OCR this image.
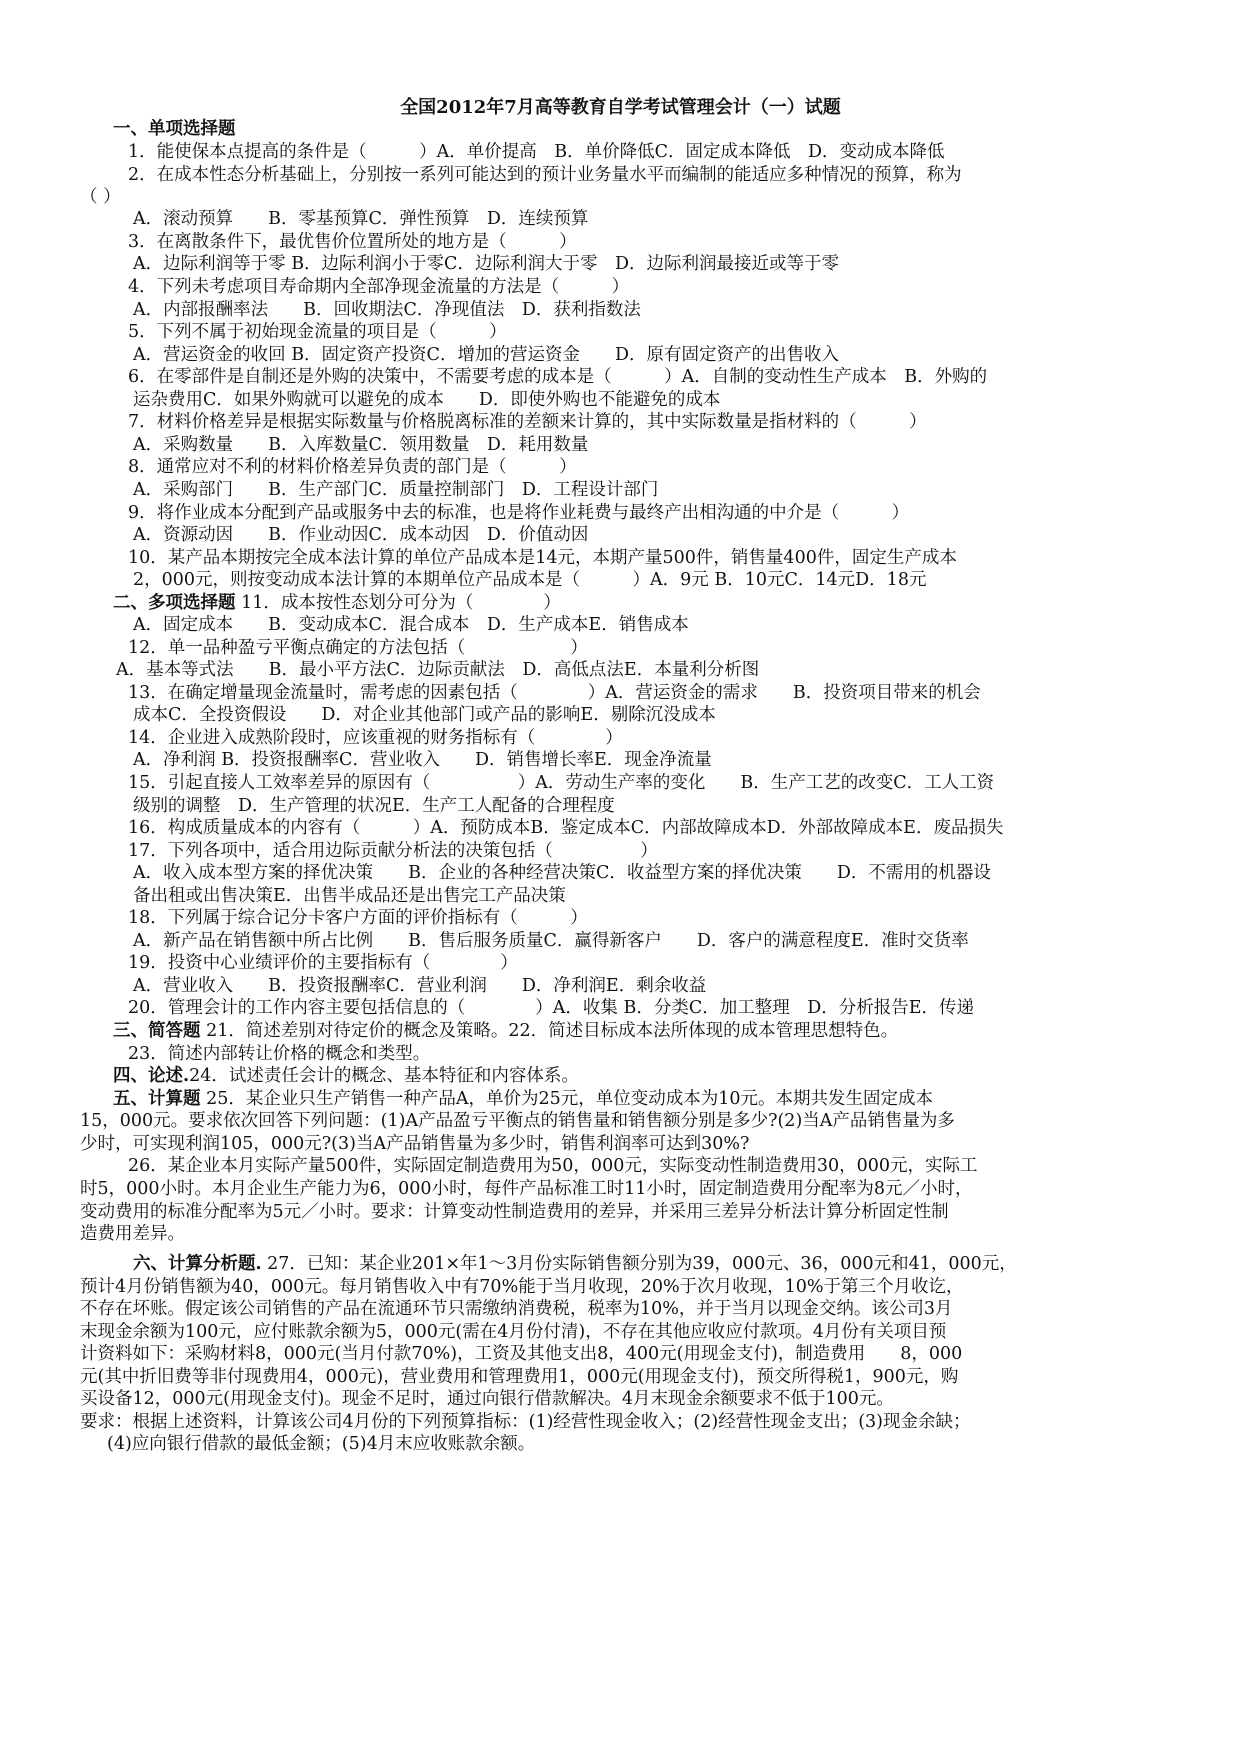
全国2012年7月高等教育自学考试管理会计（一）试题
一、单项选择题
1．能使保本点提高的条件是（　　　）A．单价提高　B．单价降低C．固定成本降低　D．变动成本降低
2．在成本性态分析基础上，分别按一系列可能达到的预计业务量水平而编制的能适应多种情况的预算，称为
（ ）
A．滚动预算　　B．零基预算C．弹性预算　D．连续预算
3．在离散条件下，最优售价位置所处的地方是（　　　）
A．边际利润等于零 B．边际利润小于零C．边际利润大于零　D．边际利润最接近或等于零
4．下列未考虑项目寿命期内全部净现金流量的方法是（　　　）
A．内部报酬率法　　B．回收期法C．净现值法　D．获利指数法
5．下列不属于初始现金流量的项目是（　　　）
A．营运资金的收回 B．固定资产投资C．增加的营运资金　　D．原有固定资产的出售收入
6．在零部件是自制还是外购的决策中，不需要考虑的成本是（　　　）A．自制的变动性生产成本　B．外购的
运杂费用C．如果外购就可以避免的成本　　D．即使外购也不能避免的成本
7．材料价格差异是根据实际数量与价格脱离标准的差额来计算的，其中实际数量是指材料的（　　　）
A．采购数量　　B．入库数量C．领用数量　D．耗用数量
8．通常应对不利的材料价格差异负责的部门是（　　　）
A．采购部门　　B．生产部门C．质量控制部门　D．工程设计部门
9．将作业成本分配到产品或服务中去的标准，也是将作业耗费与最终产出相沟通的中介是（　　　）
A．资源动因　　B．作业动因C．成本动因　D．价值动因
10．某产品本期按完全成本法计算的单位产品成本是14元，本期产量500件，销售量400件，固定生产成本
2，000元，则按变动成本法计算的本期单位产品成本是（　　　）A．9元 B．10元C．14元D．18元
二、多项选择题 11．成本按性态划分可分为（　　　　）
A．固定成本　　B．变动成本C．混合成本　D．生产成本E．销售成本
12．单一品种盈亏平衡点确定的方法包括（　　　　　　）
A．基本等式法　　B．最小平方法C．边际贡献法　D．高低点法E．本量利分析图
13．在确定增量现金流量时，需考虑的因素包括（　　　　）A．营运资金的需求　　B．投资项目带来的机会
成本C．全投资假设　　D．对企业其他部门或产品的影响E．剔除沉没成本
14．企业进入成熟阶段时，应该重视的财务指标有（　　　　）
A．净利润 B．投资报酬率C．营业收入　　D．销售增长率E．现金净流量
15．引起直接人工效率差异的原因有（　　　　　）A．劳动生产率的变化　　B．生产工艺的改变C．工人工资
级别的调整　D．生产管理的状况E．生产工人配备的合理程度
16．构成质量成本的内容有（　　　）A．预防成本B．鉴定成本C．内部故障成本D．外部故障成本E．废品损失
17．下列各项中，适合用边际贡献分析法的决策包括（　　　　　）
A．收入成本型方案的择优决策　　B．企业的各种经营决策C．收益型方案的择优决策　　D．不需用的机器设
备出租或出售决策E．出售半成品还是出售完工产品决策
18．下列属于综合记分卡客户方面的评价指标有（　　　）
A．新产品在销售额中所占比例　　B．售后服务质量C．赢得新客户　　D．客户的满意程度E．准时交货率
19．投资中心业绩评价的主要指标有（　　　　）
A．营业收入　　B．投资报酬率C．营业利润　　D．净利润E．剩余收益
20．管理会计的工作内容主要包括信息的（　　　　）A．收集 B．分类C．加工整理　D．分析报告E．传递
三、简答题 21．简述差别对待定价的概念及策略。22．简述目标成本法所体现的成本管理思想特色。
23．简述内部转让价格的概念和类型。
四、论述.24．试述责任会计的概念、基本特征和内容体系。
五、计算题 25．某企业只生产销售一种产品A，单价为25元，单位变动成本为10元。本期共发生固定成本
15，000元。要求依次回答下列问题：(1)A产品盈亏平衡点的销售量和销售额分别是多少?(2)当A产品销售量为多
少时，可实现利润105，000元?(3)当A产品销售量为多少时，销售利润率可达到30%?
26．某企业本月实际产量500件，实际固定制造费用为50，000元，实际变动性制造费用30，000元，实际工
时5，000小时。本月企业生产能力为6，000小时，每件产品标准工时11小时，固定制造费用分配率为8元／小时，
变动费用的标准分配率为5元／小时。要求：计算变动性制造费用的差异，并采用三差异分析法计算分析固定性制
造费用差异。
六、计算分析题. 27．已知：某企业201×年1～3月份实际销售额分别为39，000元、36，000元和41，000元，
预计4月份销售额为40，000元。每月销售收入中有70%能于当月收现，20%于次月收现，10%于第三个月收讫，
不存在坏账。假定该公司销售的产品在流通环节只需缴纳消费税，税率为10%，并于当月以现金交纳。该公司3月
末现金余额为100元，应付账款余额为5，000元(需在4月份付清)，不存在其他应收应付款项。4月份有关项目预
计资料如下：采购材料8，000元(当月付款70%)，工资及其他支出8，400元(用现金支付)，制造费用　　8，000
元(其中折旧费等非付现费用4，000元)，营业费用和管理费用1，000元(用现金支付)，预交所得税1，900元，购
买设备12，000元(用现金支付)。现金不足时，通过向银行借款解决。4月末现金余额要求不低于100元。
要求：根据上述资料，计算该公司4月份的下列预算指标：(1)经营性现金收入；(2)经营性现金支出；(3)现金余缺；
(4)应向银行借款的最低金额；(5)4月末应收账款余额。
